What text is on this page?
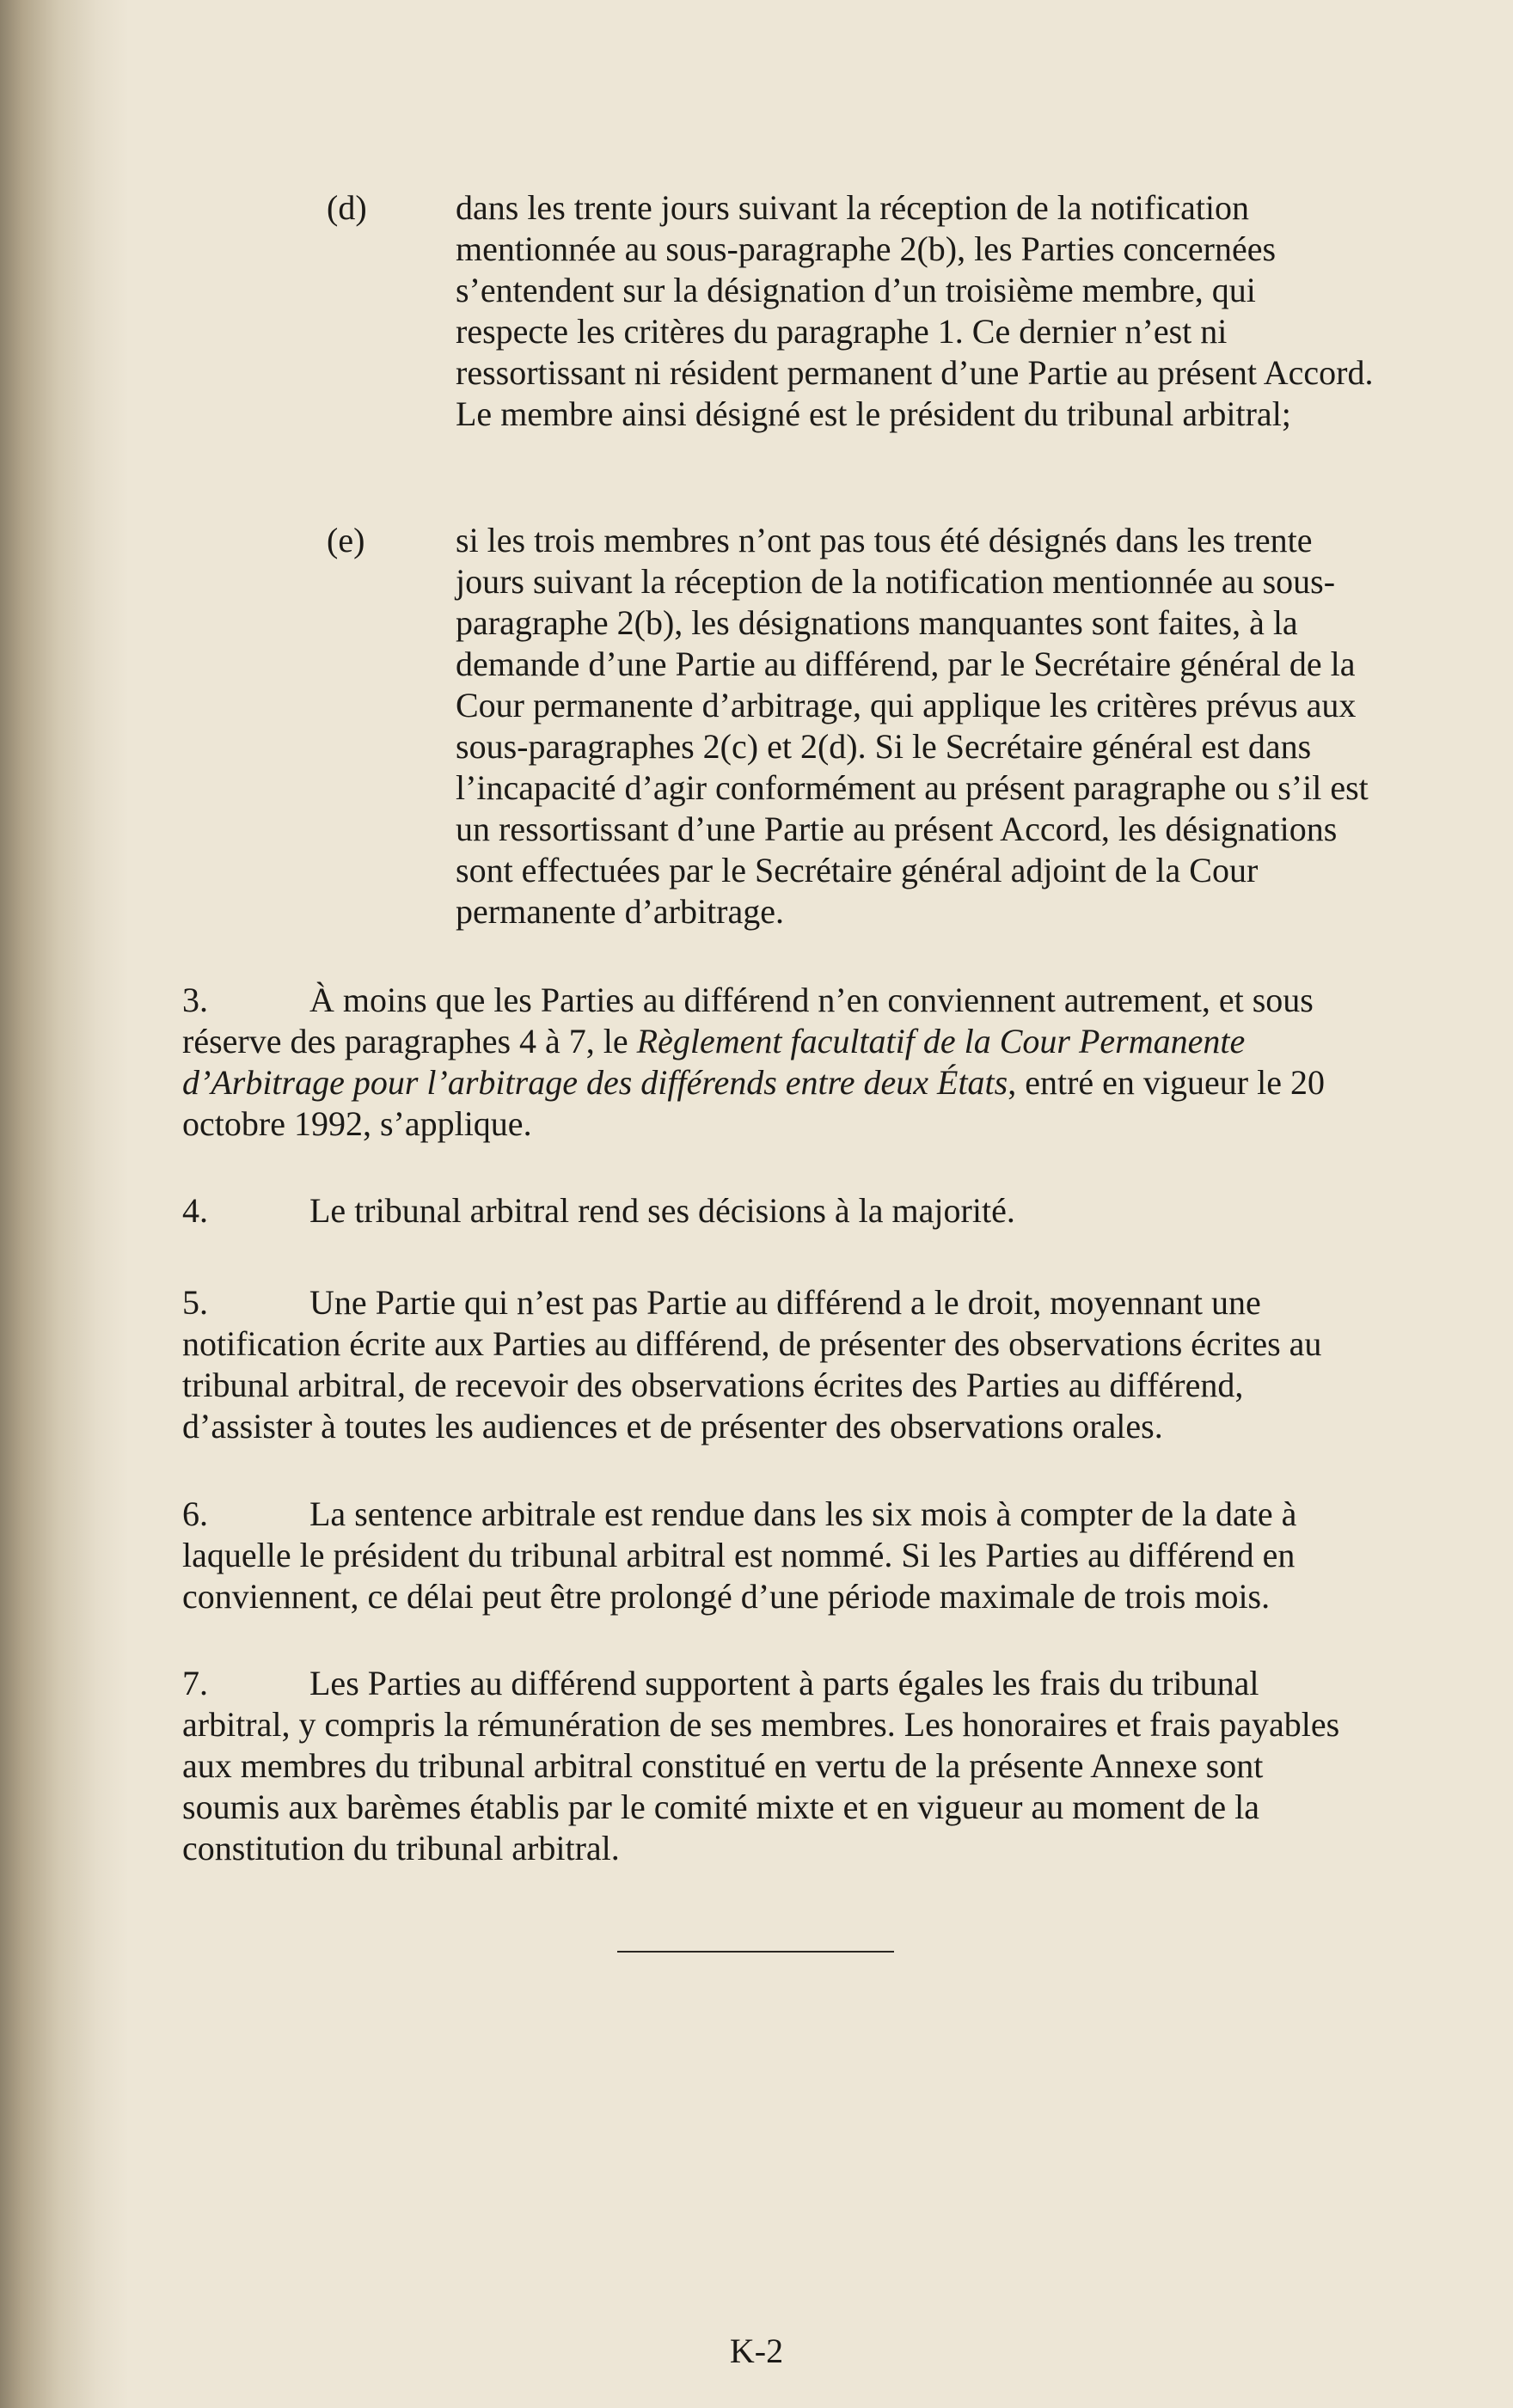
(d)	dans les trente jours suivant la réception de la notification mentionnée au sous-paragraphe 2(b), les Parties concernées s’entendent sur la désignation d’un troisième membre, qui respecte les critères du paragraphe 1. Ce dernier n’est ni ressortissant ni résident permanent d’une Partie au présent Accord. Le membre ainsi désigné est le président du tribunal arbitral;

(e)	si les trois membres n’ont pas tous été désignés dans les trente jours suivant la réception de la notification mentionnée au sous-paragraphe 2(b), les désignations manquantes sont faites, à la demande d’une Partie au différend, par le Secrétaire général de la Cour permanente d’arbitrage, qui applique les critères prévus aux sous-paragraphes 2(c) et 2(d). Si le Secrétaire général est dans l’incapacité d’agir conformément au présent paragraphe ou s’il est un ressortissant d’une Partie au présent Accord, les désignations sont effectuées par le Secrétaire général adjoint de la Cour permanente d’arbitrage.

3.	À moins que les Parties au différend n’en conviennent autrement, et sous réserve des paragraphes 4 à 7, le Règlement facultatif de la Cour Permanente d’Arbitrage pour l’arbitrage des différends entre deux États, entré en vigueur le 20 octobre 1992, s’applique.

4.	Le tribunal arbitral rend ses décisions à la majorité.

5.	Une Partie qui n’est pas Partie au différend a le droit, moyennant une notification écrite aux Parties au différend, de présenter des observations écrites au tribunal arbitral, de recevoir des observations écrites des Parties au différend, d’assister à toutes les audiences et de présenter des observations orales.

6.	La sentence arbitrale est rendue dans les six mois à compter de la date à laquelle le président du tribunal arbitral est nommé. Si les Parties au différend en conviennent, ce délai peut être prolongé d’une période maximale de trois mois.

7.	Les Parties au différend supportent à parts égales les frais du tribunal arbitral, y compris la rémunération de ses membres. Les honoraires et frais payables aux membres du tribunal arbitral constitué en vertu de la présente Annexe sont soumis aux barèmes établis par le comité mixte et en vigueur au moment de la constitution du tribunal arbitral.

K-2
